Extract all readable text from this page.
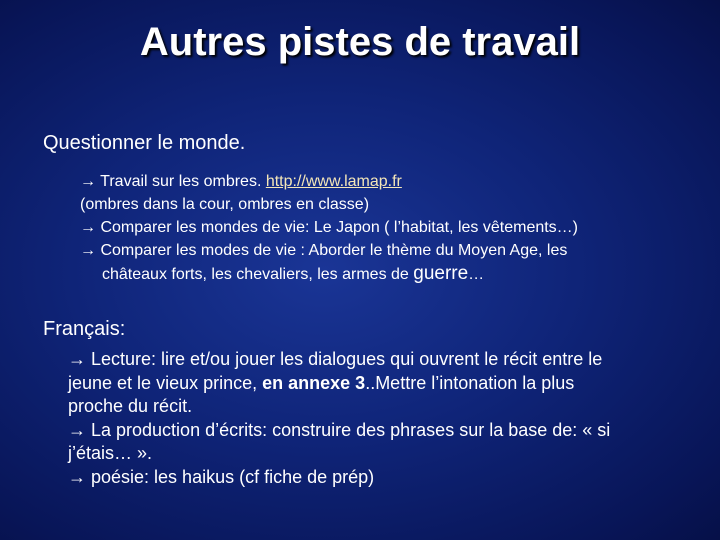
Autres pistes de travail
Questionner le monde.
→ Travail sur les ombres. http://www.lamap.fr
(ombres dans la cour, ombres en classe)
→ Comparer les mondes de vie: Le Japon ( l’habitat, les vêtements…)
→ Comparer les modes de vie : Aborder le thème du Moyen Age, les
châteaux forts, les chevaliers, les armes de guerre…
Français:
→ Lecture: lire et/ou jouer les dialogues qui ouvrent le récit entre le
jeune et le vieux prince, en annexe 3..Mettre l’intonation la plus
proche du récit.
→ La production d’écrits: construire des phrases sur la base de: « si
j’étais… ».
→ poésie: les haikus (cf fiche de prép)
